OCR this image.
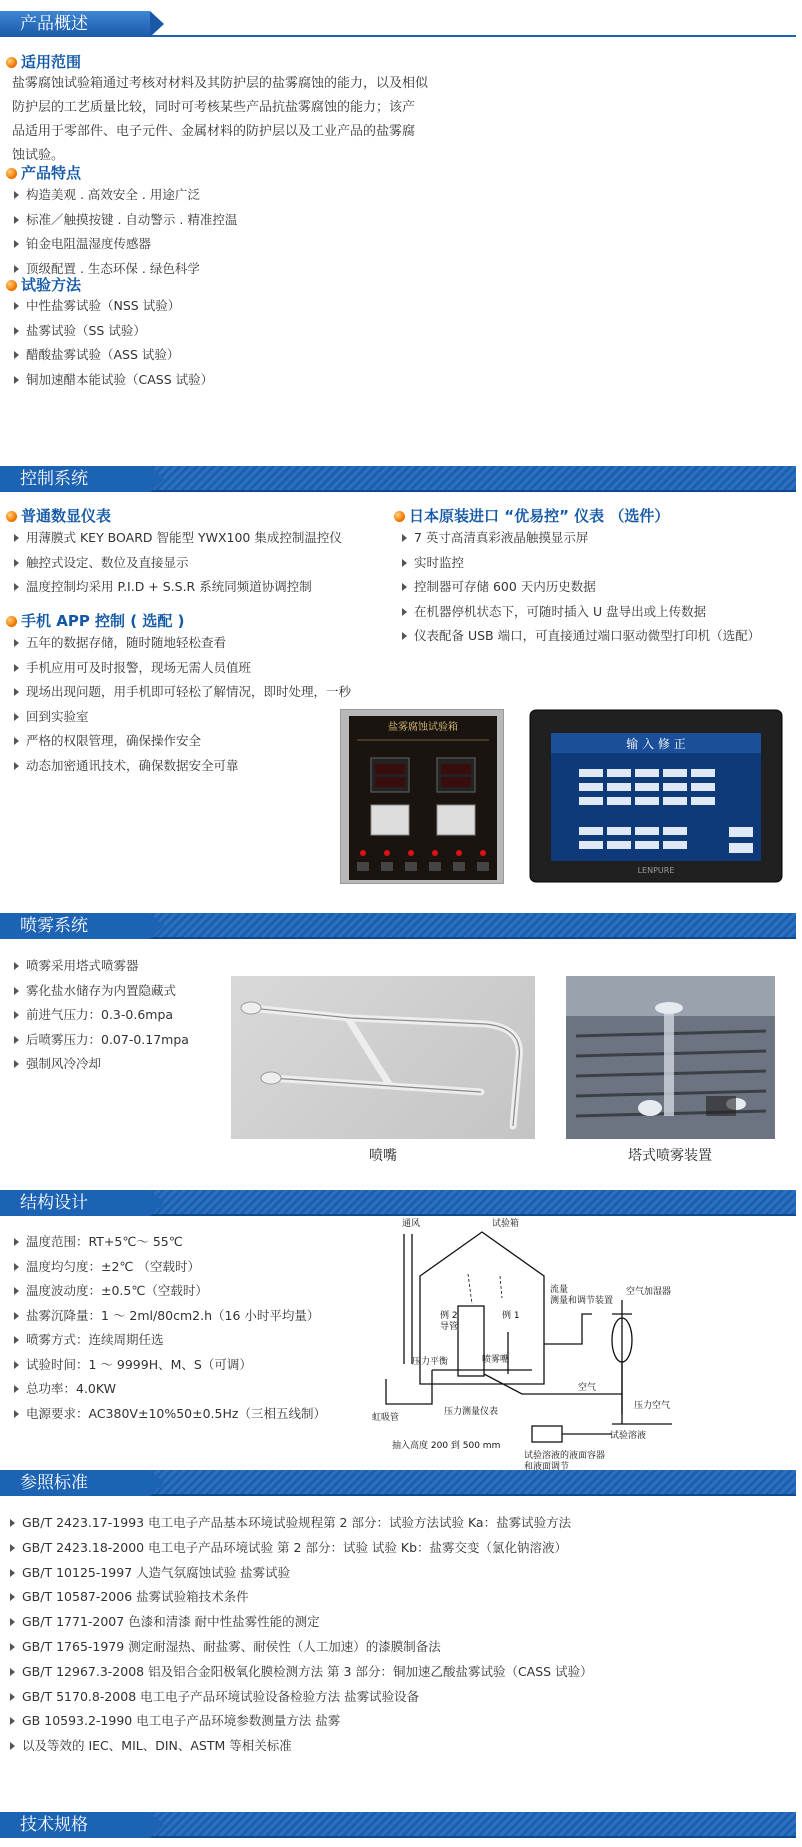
产品概述
适用范围
盐雾腐蚀试验箱通过考核对材料及其防护层的盐雾腐蚀的能力，以及相似
防护层的工艺质量比较，同时可考核某些产品抗盐雾腐蚀的能力；该产
品适用于零部件、电子元件、金属材料的防护层以及工业产品的盐雾腐
蚀试验。
产品特点
构造美观 . 高效安全 . 用途广泛
标准／触摸按键 . 自动警示 . 精准控温
铂金电阻温湿度传感器
顶级配置 . 生态环保 . 绿色科学
试验方法
中性盐雾试验（NSS 试验）
盐雾试验（SS 试验）
醋酸盐雾试验（ASS 试验）
铜加速醋本能试验（CASS 试验）
控制系统
普通数显仪表
用薄膜式 KEY BOARD 智能型 YWX100 集成控制温控仪
触控式设定、数位及直接显示
温度控制均采用 P.I.D + S.S.R 系统同频道协调控制
手机 APP 控制 ( 选配 )
五年的数据存储，随时随地轻松查看
手机应用可及时报警，现场无需人员值班
现场出现问题，用手机即可轻松了解情况，即时处理，一秒
回到实验室
严格的权限管理，确保操作安全
动态加密通讯技术，确保数据安全可靠
日本原装进口 “优易控” 仪表 （选件）
7 英寸高清真彩液晶触摸显示屏
实时监控
控制器可存储 600 天内历史数据
在机器停机状态下，可随时插入 U 盘导出或上传数据
仪表配备 USB 端口，可直接通过端口驱动微型打印机（选配）
盐雾腐蚀试验箱
输 入 修 正
LENPURE
喷雾系统
喷雾采用塔式喷雾器
雾化盐水储存为内置隐藏式
前进气压力：0.3-0.6mpa
后喷雾压力：0.07-0.17mpa
强制风冷冷却
喷嘴	塔式喷雾装置
结构设计
温度范围：RT+5℃～ 55℃
温度均匀度：±2℃ （空载时）
温度波动度：±0.5℃（空载时）
盐雾沉降量：1 ～ 2ml/80cm2.h（16 小时平均量）
喷雾方式：连续周期任选
试验时间：1 ～ 9999H、M、S（可调）
总功率：4.0KW
电源要求：AC380V±10%50±0.5Hz（三相五线制）
通风	试验箱
流量测量和调节装置
空气加湿器
例 2 导管
例 1
压力平衡	喷雾嘴
空气
压力空气
虹吸管
压力测量仪表
试验溶液
抽入高度 200 到 500 mm
试验溶液的液面容器和液面调节
参照标准
GB/T 2423.17-1993 电工电子产品基本环境试验规程第 2 部分：试验方法试验 Ka：盐雾试验方法
GB/T 2423.18-2000 电工电子产品环境试验 第 2 部分：试验 试验 Kb：盐雾交变（氯化钠溶液）
GB/T 10125-1997 人造气氛腐蚀试验 盐雾试验
GB/T 10587-2006 盐雾试验箱技术条件
GB/T 1771-2007 色漆和清漆 耐中性盐雾性能的测定
GB/T 1765-1979 测定耐湿热、耐盐雾、耐侯性（人工加速）的漆膜制备法
GB/T 12967.3-2008 铝及铝合金阳极氧化膜检测方法 第 3 部分：铜加速乙酸盐雾试验（CASS 试验）
GB/T 5170.8-2008 电工电子产品环境试验设备检验方法 盐雾试验设备
GB 10593.2-1990 电工电子产品环境参数测量方法 盐雾
以及等效的 IEC、MIL、DIN、ASTM 等相关标准
技术规格
